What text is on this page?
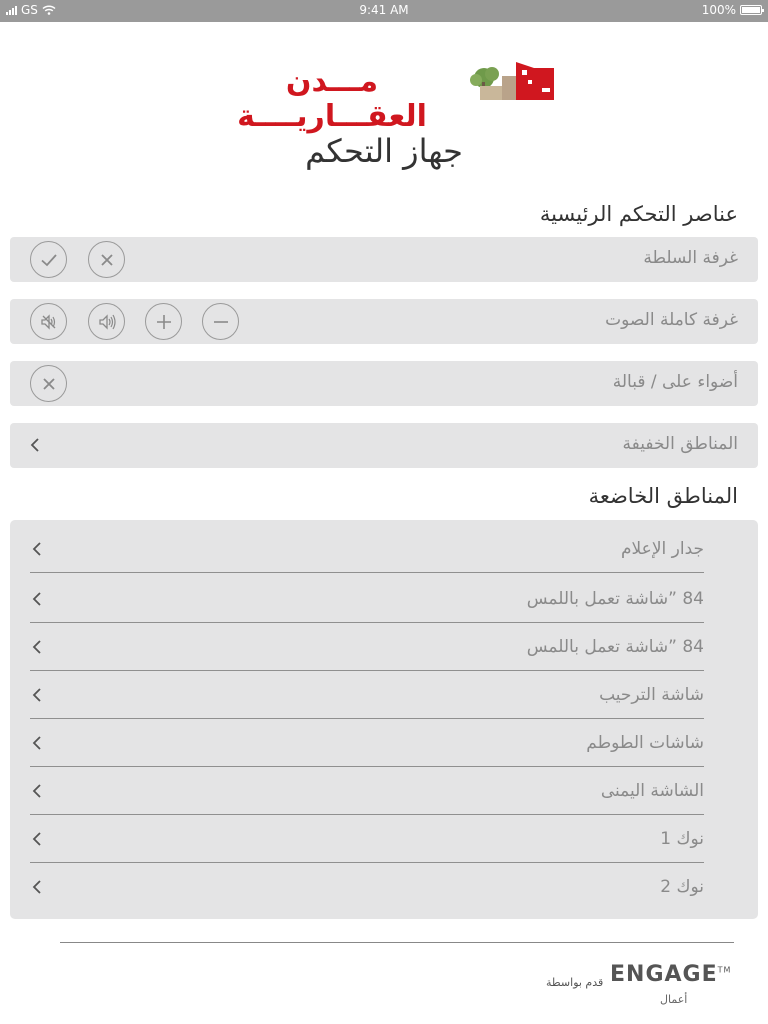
GS	9:41 AM	100%
مـــدن العقـــاريــــة
جهاز التحكم
عناصر التحكم الرئيسية
غرفة السلطة
غرفة كاملة الصوت
أضواء على / قبالة
المناطق الخفيفة
المناطق الخاضعة
جدار الإعلام
84 ”شاشة تعمل باللمس
84 ”شاشة تعمل باللمس
شاشة الترحيب
شاشات الطوطم
الشاشة اليمنى
نوك 1
نوك 2
قدم بواسطة ENGAGE™
أعمال
